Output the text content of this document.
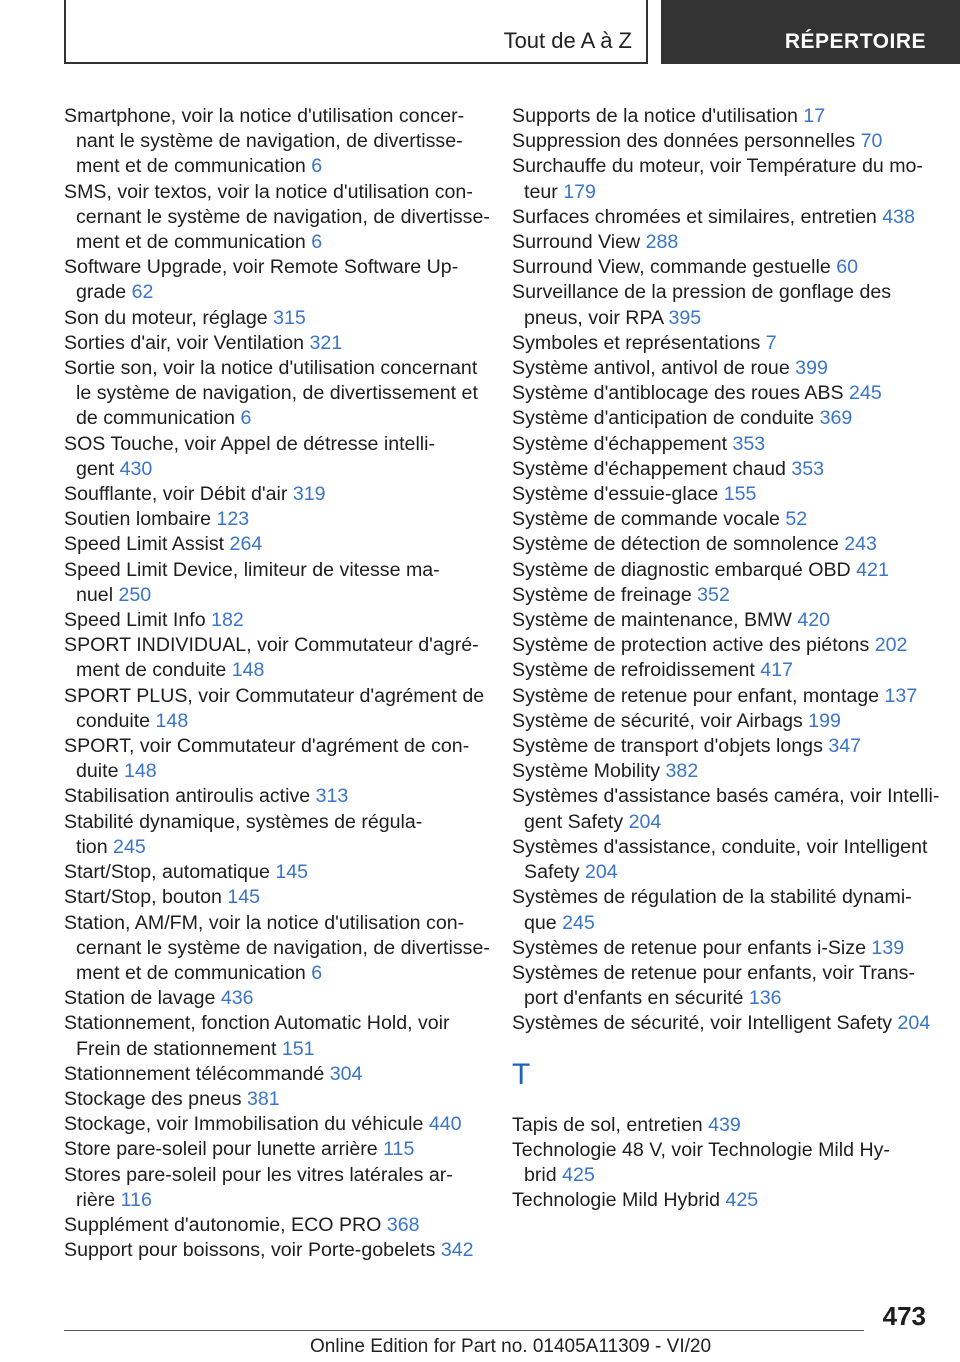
Tout de A à Z	RÉPERTOIRE
Smartphone, voir la notice d'utilisation concer-
nant le système de navigation, de divertisse-
ment et de communication 6
SMS, voir textos, voir la notice d'utilisation con-
cernant le système de navigation, de divertisse-
ment et de communication 6
Software Upgrade, voir Remote Software Up-
grade 62
Son du moteur, réglage 315
Sorties d'air, voir Ventilation 321
Sortie son, voir la notice d'utilisation concernant
le système de navigation, de divertissement et
de communication 6
SOS Touche, voir Appel de détresse intelli-
gent 430
Soufflante, voir Débit d'air 319
Soutien lombaire 123
Speed Limit Assist 264
Speed Limit Device, limiteur de vitesse ma-
nuel 250
Speed Limit Info 182
SPORT INDIVIDUAL, voir Commutateur d'agré-
ment de conduite 148
SPORT PLUS, voir Commutateur d'agrément de
conduite 148
SPORT, voir Commutateur d'agrément de con-
duite 148
Stabilisation antiroulis active 313
Stabilité dynamique, systèmes de régula-
tion 245
Start/Stop, automatique 145
Start/Stop, bouton 145
Station, AM/FM, voir la notice d'utilisation con-
cernant le système de navigation, de divertisse-
ment et de communication 6
Station de lavage 436
Stationnement, fonction Automatic Hold, voir
Frein de stationnement 151
Stationnement télécommandé 304
Stockage des pneus 381
Stockage, voir Immobilisation du véhicule 440
Store pare-soleil pour lunette arrière 115
Stores pare-soleil pour les vitres latérales ar-
rière 116
Supplément d'autonomie, ECO PRO 368
Support pour boissons, voir Porte-gobelets 342
Supports de la notice d'utilisation 17
Suppression des données personnelles 70
Surchauffe du moteur, voir Température du mo-
teur 179
Surfaces chromées et similaires, entretien 438
Surround View 288
Surround View, commande gestuelle 60
Surveillance de la pression de gonflage des
pneus, voir RPA 395
Symboles et représentations 7
Système antivol, antivol de roue 399
Système d'antiblocage des roues ABS 245
Système d'anticipation de conduite 369
Système d'échappement 353
Système d'échappement chaud 353
Système d'essuie-glace 155
Système de commande vocale 52
Système de détection de somnolence 243
Système de diagnostic embarqué OBD 421
Système de freinage 352
Système de maintenance, BMW 420
Système de protection active des piétons 202
Système de refroidissement 417
Système de retenue pour enfant, montage 137
Système de sécurité, voir Airbags 199
Système de transport d'objets longs 347
Système Mobility 382
Systèmes d'assistance basés caméra, voir Intelli-
gent Safety 204
Systèmes d'assistance, conduite, voir Intelligent
Safety 204
Systèmes de régulation de la stabilité dynami-
que 245
Systèmes de retenue pour enfants i-Size 139
Systèmes de retenue pour enfants, voir Trans-
port d'enfants en sécurité 136
Systèmes de sécurité, voir Intelligent Safety 204
T
Tapis de sol, entretien 439
Technologie 48 V, voir Technologie Mild Hy-
brid 425
Technologie Mild Hybrid 425
473
Online Edition for Part no. 01405A11309 - VI/20
